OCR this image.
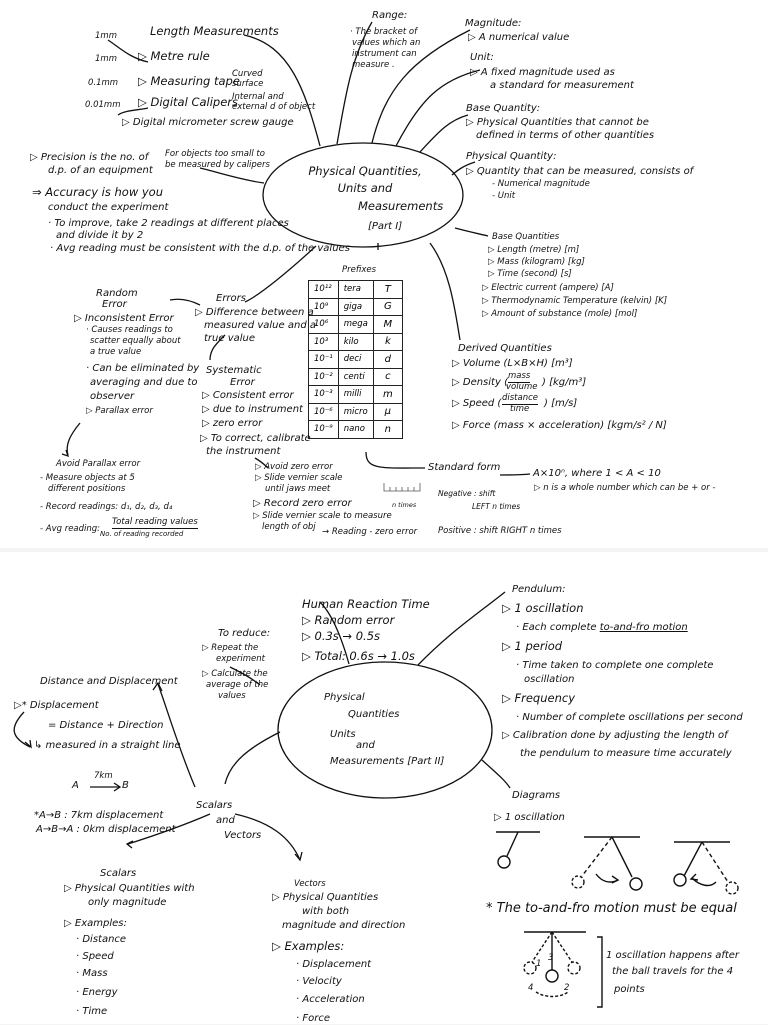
Physical Quantities,
Units and
Measurements
[Part I]
Length Measurements
1mm
▷ Metre rule
1mm
▷ Measuring tape
0.1mm
▷ Digital Calipers
0.01mm
▷ Digital micrometer screw gauge
Curved
surface
Internal and
external d of object
For objects too small to
be measured by calipers
▷ Precision is the no. of
d.p. of an equipment
⇒ Accuracy is how you
conduct the experiment
· To improve, take 2 readings at different places
and divide it by 2
· Avg reading must be consistent with the d.p. of the values
Range:
· The bracket of
values which an
instrument can
measure .
Magnitude:
▷ A numerical value
Unit:
▷ A fixed magnitude used as
a standard for measurement
Base Quantity:
▷ Physical Quantities that cannot be
defined in terms of other quantities
Physical Quantity:
▷ Quantity that can be measured, consists of
- Numerical magnitude
- Unit
Base Quantities
▷ Length (metre) [m]
▷ Mass (kilogram) [kg]
▷ Time (second) [s]
▷ Electric current (ampere) [A]
▷ Thermodynamic Temperature (kelvin) [K]
▷ Amount of substance (mole) [mol]
Derived Quantities
▷ Volume (L×B×H) [m³]
▷ Density (
mass
volume ) [kg/m³]
▷ Speed ( distance
time ) [m/s]
▷ Force (mass × acceleration) [kgm/s² / N]
Prefixes
10¹²	tera	T
10⁹	giga	G
10⁶	mega	M
10³	kilo	k
10⁻¹	deci	d
10⁻²	centi	c
10⁻³	milli	m
10⁻⁶	micro	μ
10⁻⁹	nano	n
Errors
▷ Difference between a
measured value and a
true value
Random
Error
▷ Inconsistent Error
· Causes readings to
scatter equally about
a true value
· Can be eliminated by
averaging and due to
observer
▷ Parallax error
Systematic
Error
▷ Consistent error
▷ due to instrument
▷ zero error
▷ To correct, calibrate
the instrument
▷ Avoid zero error
▷ Slide vernier scale
until jaws meet
▷ Record zero error
▷ Slide vernier scale to measure
length of obj → Reading - zero error
Avoid Parallax error
- Measure objects at 5
different positions
- Record readings: d₁, d₂, d₃, d₄
- Avg reading:
Total reading values
No. of reading recorded
Standard form
A×10ⁿ, where 1 < A < 10
▷ n is a whole number which can be + or -
Negative : shift
LEFT n times
Positive : shift RIGHT n times
n times
Physical
Quantities
Units
and
Measurements [Part II]
Human Reaction Time
▷ Random error
▷ 0.3s → 0.5s
▷ Total: 0.6s → 1.0s
To reduce:
▷ Repeat the
experiment
▷ Calculate the
average of the
values
Distance and Displacement
▷* Displacement
= Distance + Direction
↳ measured in a straight line
A
7km
B
*A→B : 7km displacement
A→B→A : 0km displacement
Scalars
and
Vectors
Scalars
▷ Physical Quantities with
only magnitude
▷ Examples:
· Distance
· Speed
· Mass
· Energy
· Time
Vectors
▷ Physical Quantities
with both
magnitude and direction
▷ Examples:
· Displacement
· Velocity
· Acceleration
· Force
Pendulum:
▷ 1 oscillation
· Each complete to-and-fro motion
▷ 1 period
· Time taken to complete one complete
oscillation
▷ Frequency
· Number of complete oscillations per second
▷ Calibration done by adjusting the length of
the pendulum to measure time accurately
Diagrams
▷ 1 oscillation
* The to-and-fro motion must be equal
1 oscillation happens after
the ball travels for the 4
points
1
2
3
4
